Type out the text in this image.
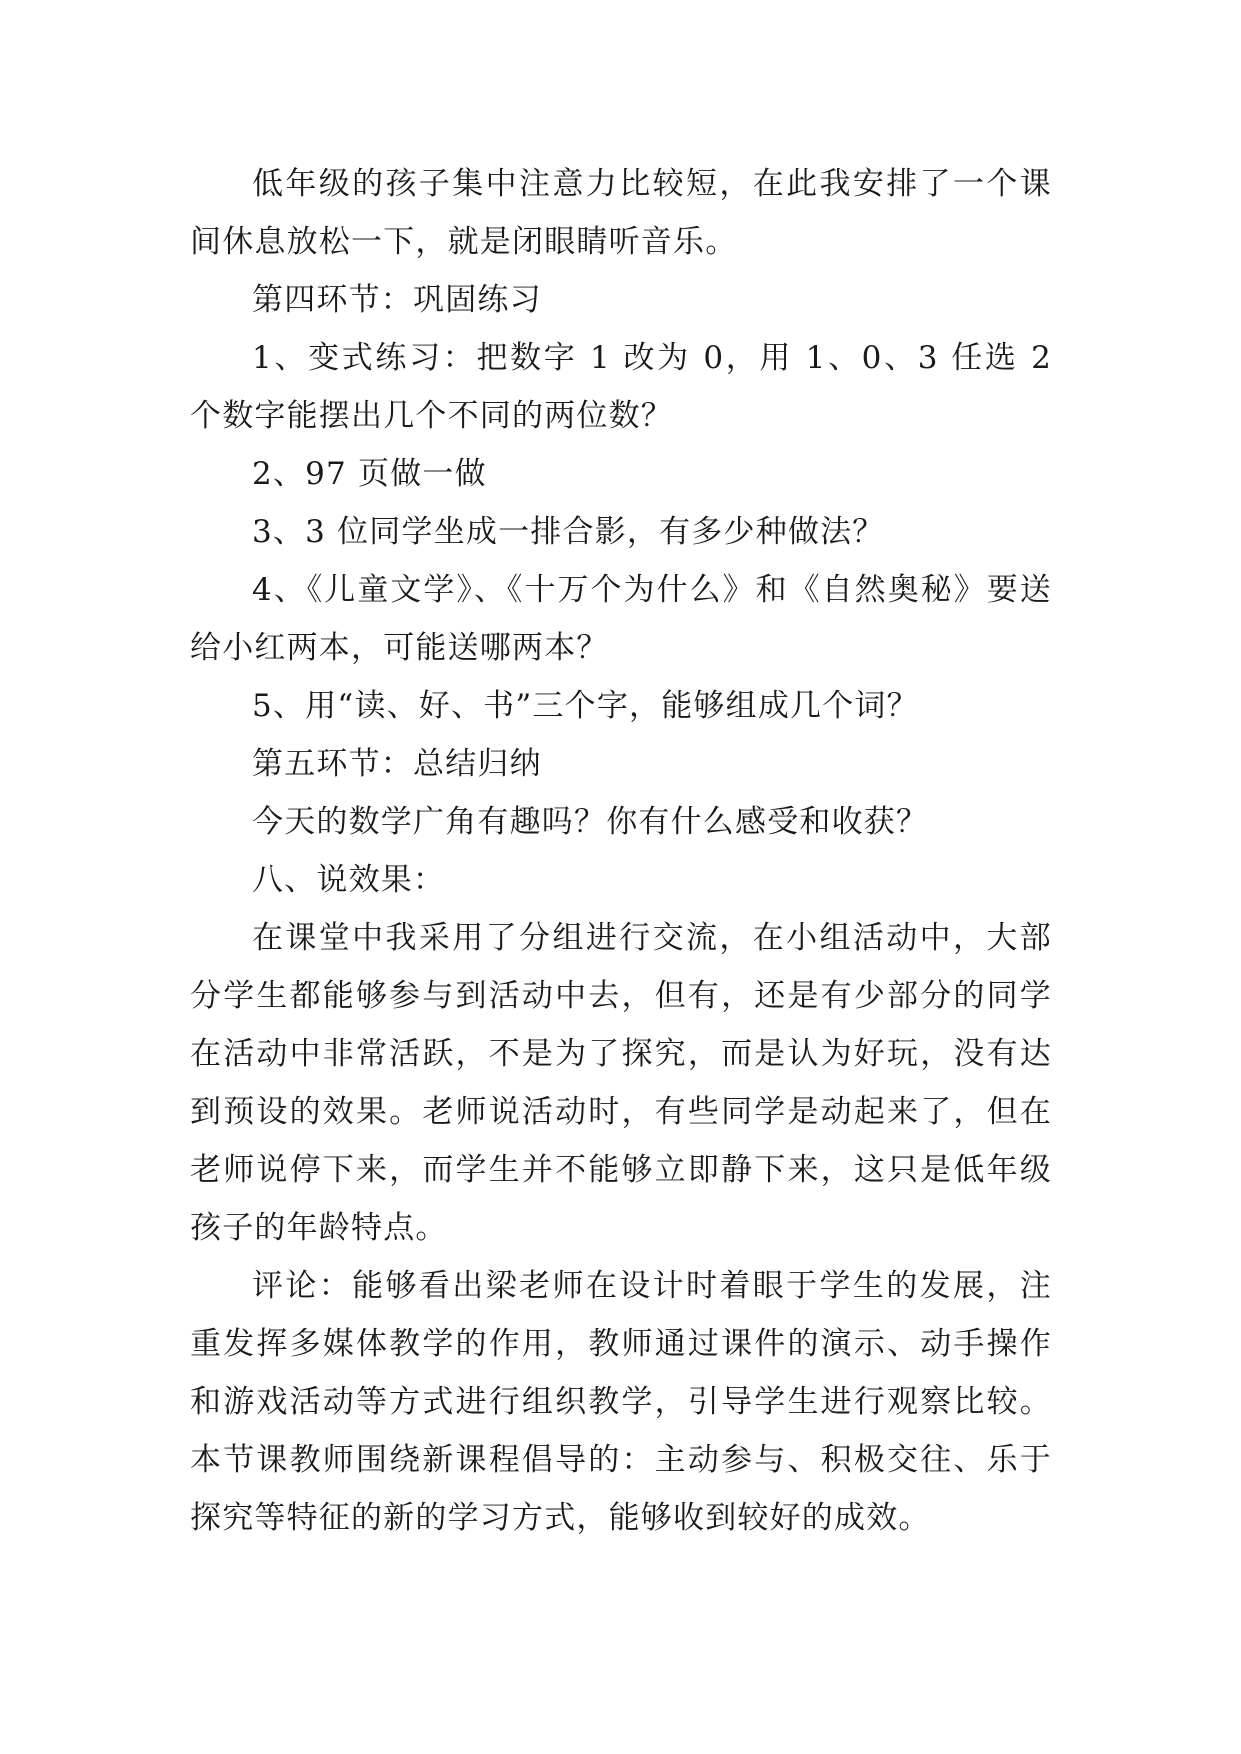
低年级的孩子集中注意力比较短，在此我安排了一个课间休息放松一下，就是闭眼睛听音乐。

第四环节：巩固练习

1、变式练习：把数字 1 改为 0，用 1、0、3 任选 2 个数字能摆出几个不同的两位数？

2、97 页做一做

3、3 位同学坐成一排合影，有多少种做法？

4、《儿童文学》、《十万个为什么》和《自然奥秘》要送给小红两本，可能送哪两本？

5、用“读、好、书”三个字，能够组成几个词？

第五环节：总结归纳

今天的数学广角有趣吗？你有什么感受和收获？

八、说效果：

在课堂中我采用了分组进行交流，在小组活动中，大部分学生都能够参与到活动中去，但有，还是有少部分的同学在活动中非常活跃，不是为了探究，而是认为好玩，没有达到预设的效果。老师说活动时，有些同学是动起来了，但在老师说停下来，而学生并不能够立即静下来，这只是低年级孩子的年龄特点。

评论：能够看出梁老师在设计时着眼于学生的发展，注重发挥多媒体教学的作用，教师通过课件的演示、动手操作和游戏活动等方式进行组织教学，引导学生进行观察比较。本节课教师围绕新课程倡导的：主动参与、积极交往、乐于探究等特征的新的学习方式，能够收到较好的成效。
